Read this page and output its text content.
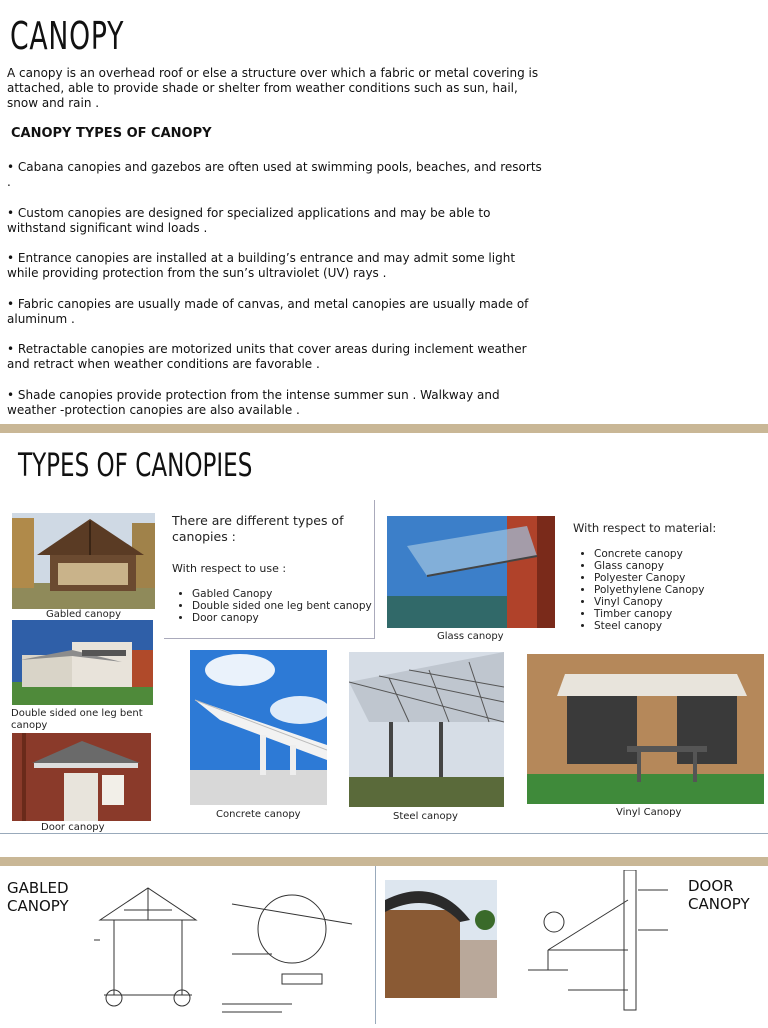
CANOPY
A canopy is an overhead roof or else a structure over which a fabric or metal covering is attached, able to provide shade or shelter from weather conditions such as sun, hail, snow and rain .
CANOPY TYPES OF CANOPY
• Cabana canopies and gazebos are often used at swimming pools, beaches, and resorts .
• Custom canopies are designed for specialized applications and may be able to withstand significant wind loads .
• Entrance canopies are installed at a building’s entrance and may admit some light while providing protection from the sun’s ultraviolet (UV) rays .
• Fabric canopies are usually made of canvas, and metal canopies are usually made of aluminum .
• Retractable canopies are motorized units that cover areas during inclement weather and retract when weather conditions are favorable .
• Shade canopies provide protection from the intense summer sun . Walkway and weather -protection canopies are also available .
TYPES OF CANOPIES
There are different types of canopies :
With respect to use :
• Gabled Canopy
• Double sided one leg bent canopy
• Door canopy
Gabled canopy
Double sided one leg bent canopy
Door canopy
Glass canopy
With respect to material:
• Concrete canopy
• Glass canopy
• Polyester Canopy
• Polyethylene Canopy
• Vinyl Canopy
• Timber canopy
• Steel canopy
Concrete canopy	Steel canopy	Vinyl Canopy
GABLED CANOPY
DOOR CANOPY
